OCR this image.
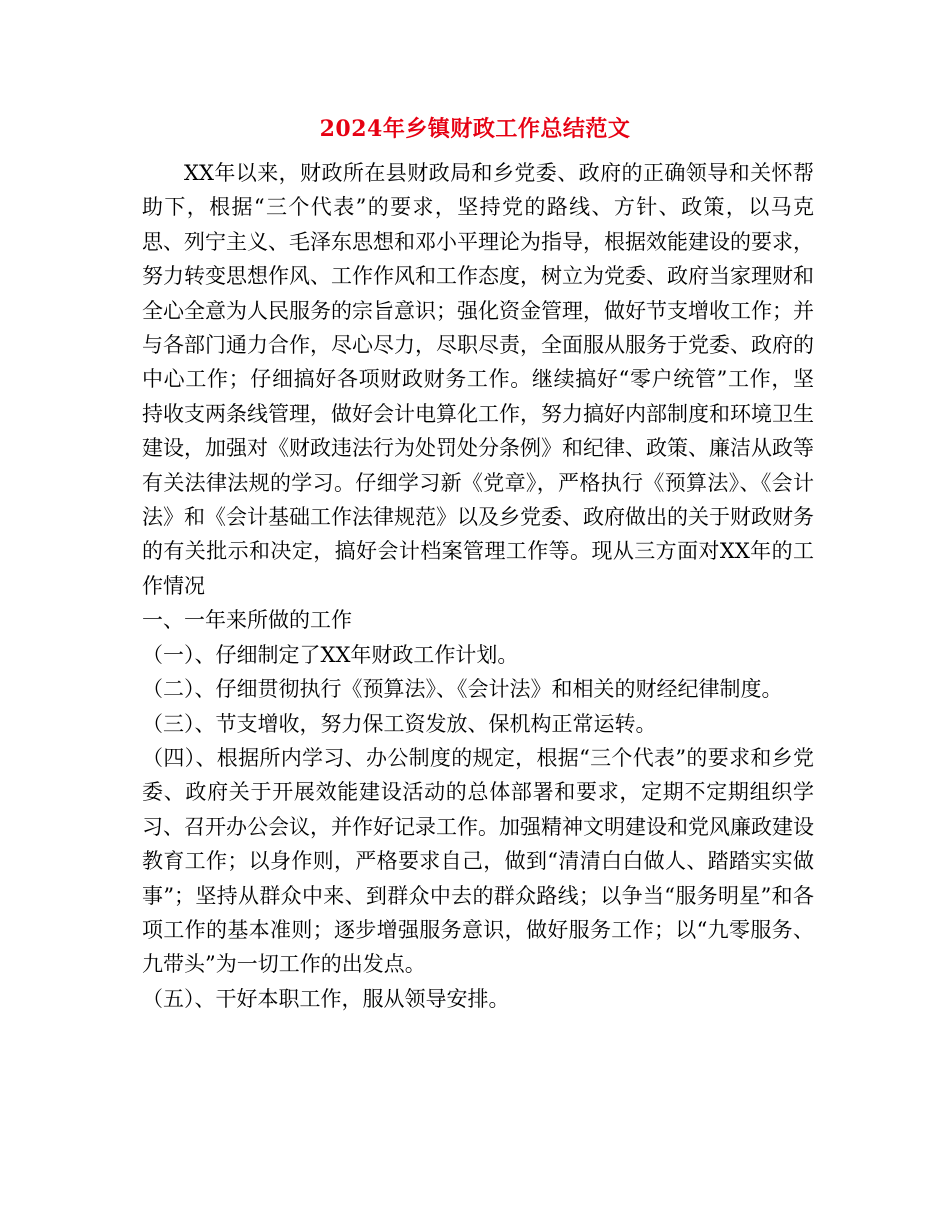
2024年乡镇财政工作总结范文

XX年以来，财政所在县财政局和乡党委、政府的正确领导和关怀帮助下，根据“三个代表”的要求，坚持党的路线、方针、政策，以马克思、列宁主义、毛泽东思想和邓小平理论为指导，根据效能建设的要求，努力转变思想作风、工作作风和工作态度，树立为党委、政府当家理财和全心全意为人民服务的宗旨意识；强化资金管理，做好节支增收工作；并与各部门通力合作，尽心尽力，尽职尽责，全面服从服务于党委、政府的中心工作；仔细搞好各项财政财务工作。继续搞好“零户统管”工作，坚持收支两条线管理，做好会计电算化工作，努力搞好内部制度和环境卫生建设，加强对《财政违法行为处罚处分条例》和纪律、政策、廉洁从政等有关法律法规的学习。仔细学习新《党章》，严格执行《预算法》、《会计法》和《会计基础工作法律规范》以及乡党委、政府做出的关于财政财务的有关批示和决定，搞好会计档案管理工作等。现从三方面对XX年的工作情况

一、一年来所做的工作

（一）、仔细制定了XX年财政工作计划。

（二）、仔细贯彻执行《预算法》、《会计法》和相关的财经纪律制度。

（三）、节支增收，努力保工资发放、保机构正常运转。

（四）、根据所内学习、办公制度的规定，根据“三个代表”的要求和乡党委、政府关于开展效能建设活动的总体部署和要求，定期不定期组织学习、召开办公会议，并作好记录工作。加强精神文明建设和党风廉政建设教育工作；以身作则，严格要求自己，做到“清清白白做人、踏踏实实做事”；坚持从群众中来、到群众中去的群众路线；以争当“服务明星”和各项工作的基本准则；逐步增强服务意识，做好服务工作；以“九零服务、九带头”为一切工作的出发点。

（五）、干好本职工作，服从领导安排。
